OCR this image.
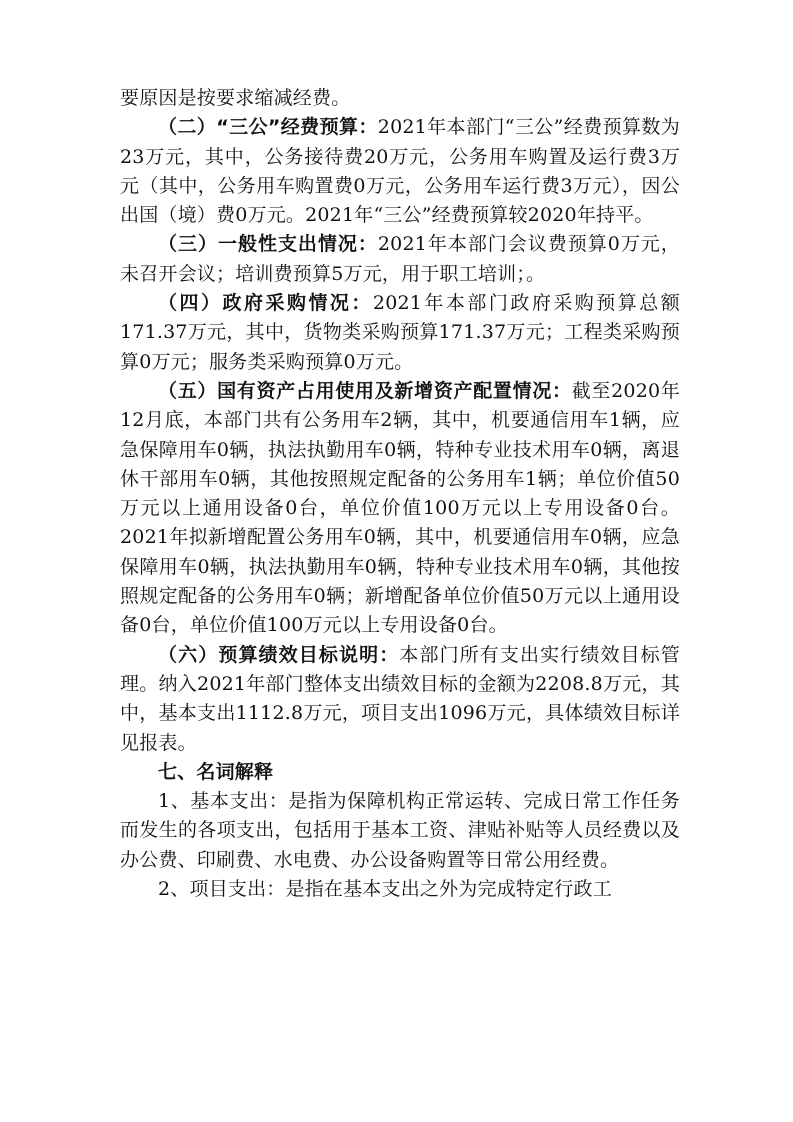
要原因是按要求缩减经费。

（二）“三公”经费预算：2021年本部门“三公”经费预算数为23万元，其中，公务接待费20万元，公务用车购置及运行费3万元（其中，公务用车购置费0万元，公务用车运行费3万元），因公出国（境）费0万元。2021年“三公”经费预算较2020年持平。

（三）一般性支出情况：2021年本部门会议费预算0万元，未召开会议；培训费预算5万元，用于职工培训；。

（四）政府采购情况：2021年本部门政府采购预算总额171.37万元，其中，货物类采购预算171.37万元；工程类采购预算0万元；服务类采购预算0万元。

（五）国有资产占用使用及新增资产配置情况：截至2020年12月底，本部门共有公务用车2辆，其中，机要通信用车1辆，应急保障用车0辆，执法执勤用车0辆，特种专业技术用车0辆，离退休干部用车0辆，其他按照规定配备的公务用车1辆；单位价值50万元以上通用设备0台，单位价值100万元以上专用设备0台。2021年拟新增配置公务用车0辆，其中，机要通信用车0辆，应急保障用车0辆，执法执勤用车0辆，特种专业技术用车0辆，其他按照规定配备的公务用车0辆；新增配备单位价值50万元以上通用设备0台，单位价值100万元以上专用设备0台。

（六）预算绩效目标说明：本部门所有支出实行绩效目标管理。纳入2021年部门整体支出绩效目标的金额为2208.8万元，其中，基本支出1112.8万元，项目支出1096万元，具体绩效目标详见报表。

七、名词解释

1、基本支出：是指为保障机构正常运转、完成日常工作任务而发生的各项支出，包括用于基本工资、津贴补贴等人员经费以及办公费、印刷费、水电费、办公设备购置等日常公用经费。

2、项目支出：是指在基本支出之外为完成特定行政工
